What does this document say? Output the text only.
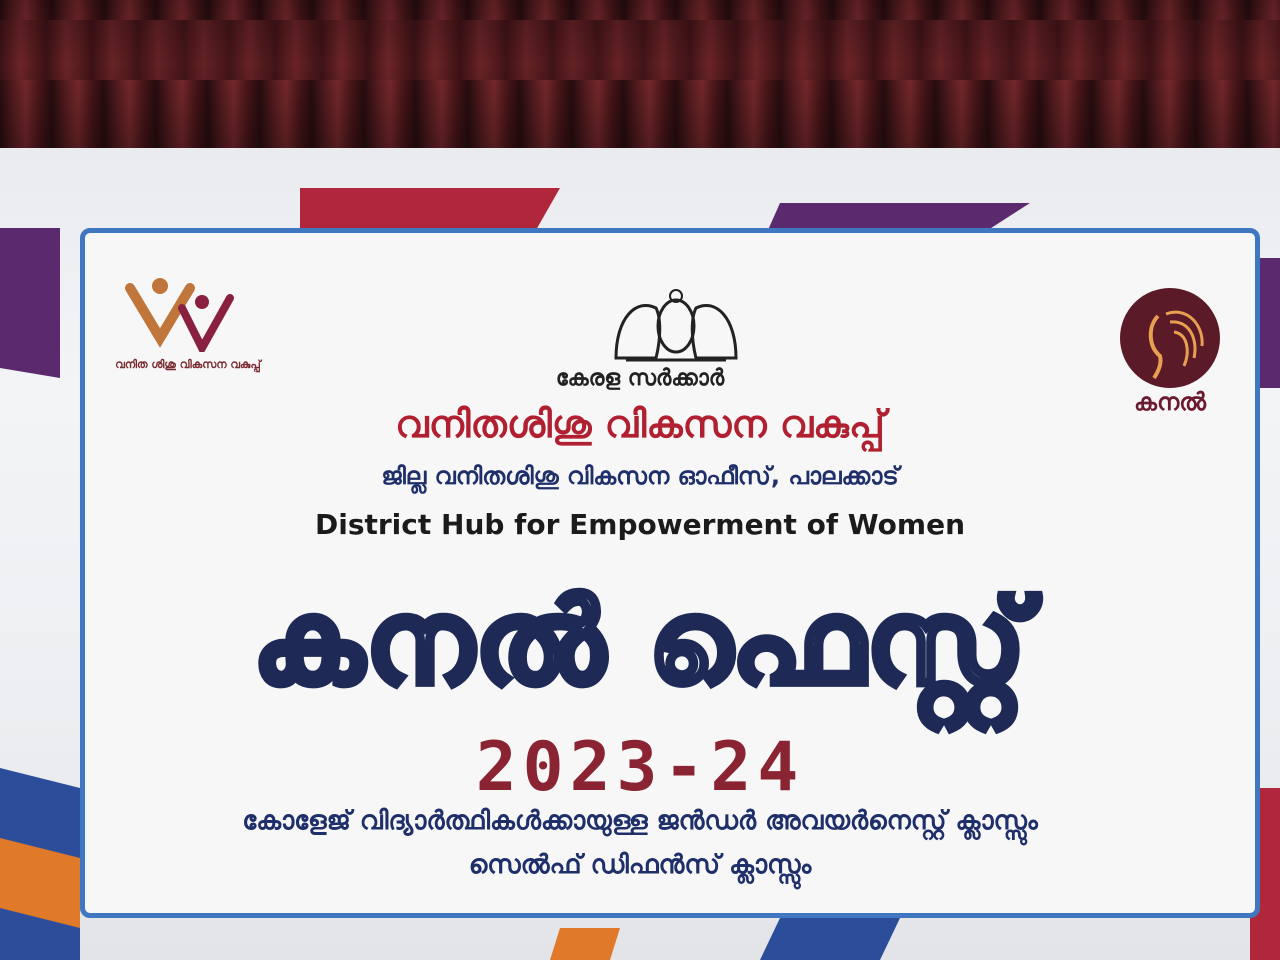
വനിത ശിശു വികസന വകുപ്പ്
കേരള സർക്കാർ
കനൽ
വനിതശിശു വികസന വകുപ്പ്
ജില്ല വനിതശിശു വികസന ഓഫീസ്, പാലക്കാട്
District Hub for Empowerment of Women
കനൽ ഫെസ്റ്റ്
2023-24
കോളേജ് വിദ്യാർത്ഥികൾക്കായുള്ള ജൻഡർ അവയർനെസ്റ്റ് ക്ലാസ്സും
സെൽഫ് ഡിഫൻസ് ക്ലാസ്സും
